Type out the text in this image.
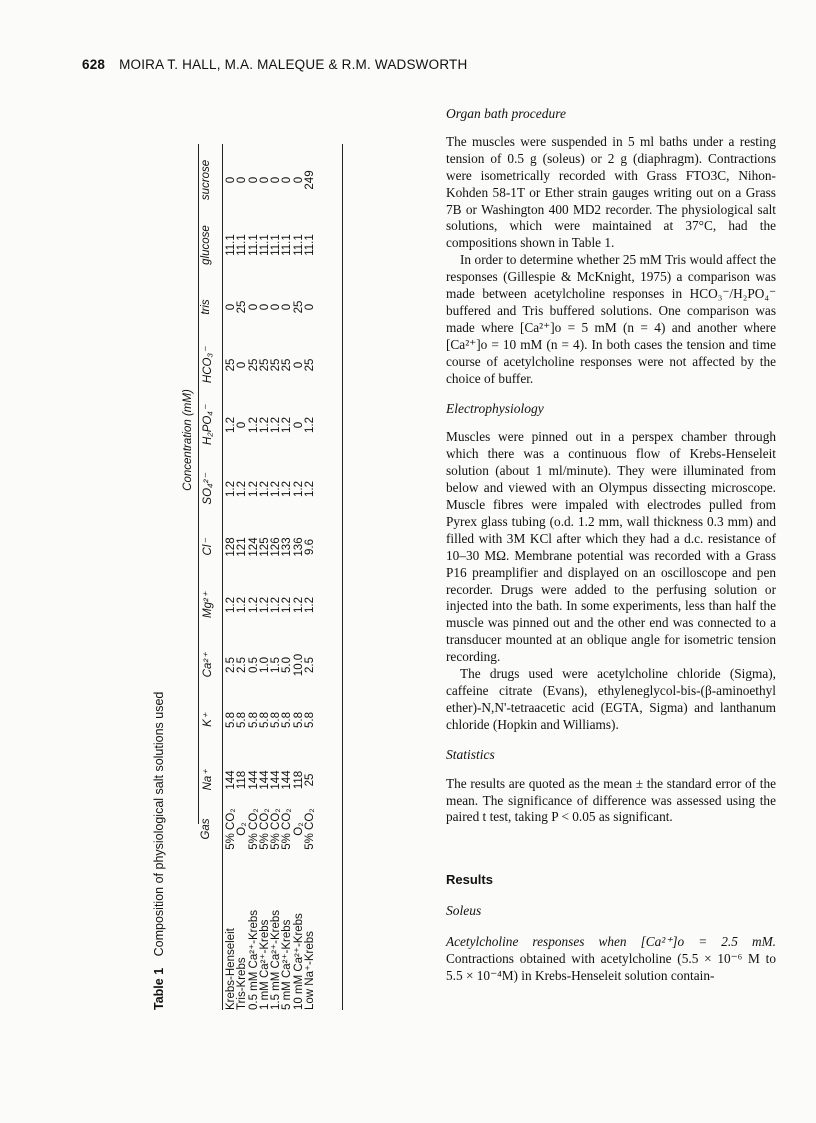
628 MOIRA T. HALL, M.A. MALEQUE & R.M. WADSWORTH
Table 1 Composition of physiological salt solutions used
Concentration (mM)
Gas
Na⁺
K⁺
Ca²⁺
Mg²⁺
Cl⁻
SO₄²⁻
H₂PO₄⁻
HCO₃⁻
tris
glucose
sucrose
Krebs-Henseleit
5% CO₂
144
5.8
2.5
1.2
128
1.2
1.2
25
0
11.1
0
Tris-Krebs
O₂
118
5.8
2.5
1.2
121
1.2
0
0
25
11.1
0
0.5 mM Ca²⁺-Krebs
5% CO₂
144
5.8
0.5
1.2
124
1.2
1.2
25
0
11.1
0
1 mM Ca²⁺-Krebs
5% CO₂
144
5.8
1.0
1.2
125
1.2
1.2
25
0
11.1
0
1.5 mM Ca²⁺-Krebs
5% CO₂
144
5.8
1.5
1.2
126
1.2
1.2
25
0
11.1
0
5 mM Ca²⁺-Krebs
5% CO₂
144
5.8
5.0
1.2
133
1.2
1.2
25
0
11.1
0
10 mM Ca²⁺-Krebs
O₂
118
5.8
10.0
1.2
136
1.2
0
0
25
11.1
0
Low Na⁺-Krebs
5% CO₂
25
5.8
2.5
1.2
9.6
1.2
1.2
25
0
11.1
249

Organ bath procedure

The muscles were suspended in 5 ml baths under a resting tension of 0.5 g (soleus) or 2 g (diaphragm). Contractions were isometrically recorded with Grass FTO3C, Nihon-Kohden 58-1T or Ether strain gauges writing out on a Grass 7B or Washington 400 MD2 recorder. The physiological salt solutions, which were maintained at 37°C, had the compositions shown in Table 1.

In order to determine whether 25 mM Tris would affect the responses (Gillespie & McKnight, 1975) a comparison was made between acetylcholine responses in HCO₃⁻/H₂PO₄⁻ buffered and Tris buffered solutions. One comparison was made where [Ca²⁺]o = 5 mM (n = 4) and another where [Ca²⁺]o = 10 mM (n = 4). In both cases the tension and time course of acetylcholine responses were not affected by the choice of buffer.

Electrophysiology

Muscles were pinned out in a perspex chamber through which there was a continuous flow of Krebs-Henseleit solution (about 1 ml/minute). They were illuminated from below and viewed with an Olympus dissecting microscope. Muscle fibres were impaled with electrodes pulled from Pyrex glass tubing (o.d. 1.2 mm, wall thickness 0.3 mm) and filled with 3M KCl after which they had a d.c. resistance of 10–30 MΩ. Membrane potential was recorded with a Grass P16 preamplifier and displayed on an oscilloscope and pen recorder. Drugs were added to the perfusing solution or injected into the bath. In some experiments, less than half the muscle was pinned out and the other end was connected to a transducer mounted at an oblique angle for isometric tension recording.

The drugs used were acetylcholine chloride (Sigma), caffeine citrate (Evans), ethyleneglycol-bis-(β-aminoethyl ether)-N,N'-tetraacetic acid (EGTA, Sigma) and lanthanum chloride (Hopkin and Williams).

Statistics

The results are quoted as the mean ± the standard error of the mean. The significance of difference was assessed using the paired t test, taking P < 0.05 as significant.

Results

Soleus

Acetylcholine responses when [Ca²⁺]o = 2.5 mM. Contractions obtained with acetylcholine (5.5 × 10⁻⁶ M to 5.5 × 10⁻⁴M) in Krebs-Henseleit solution contain-
